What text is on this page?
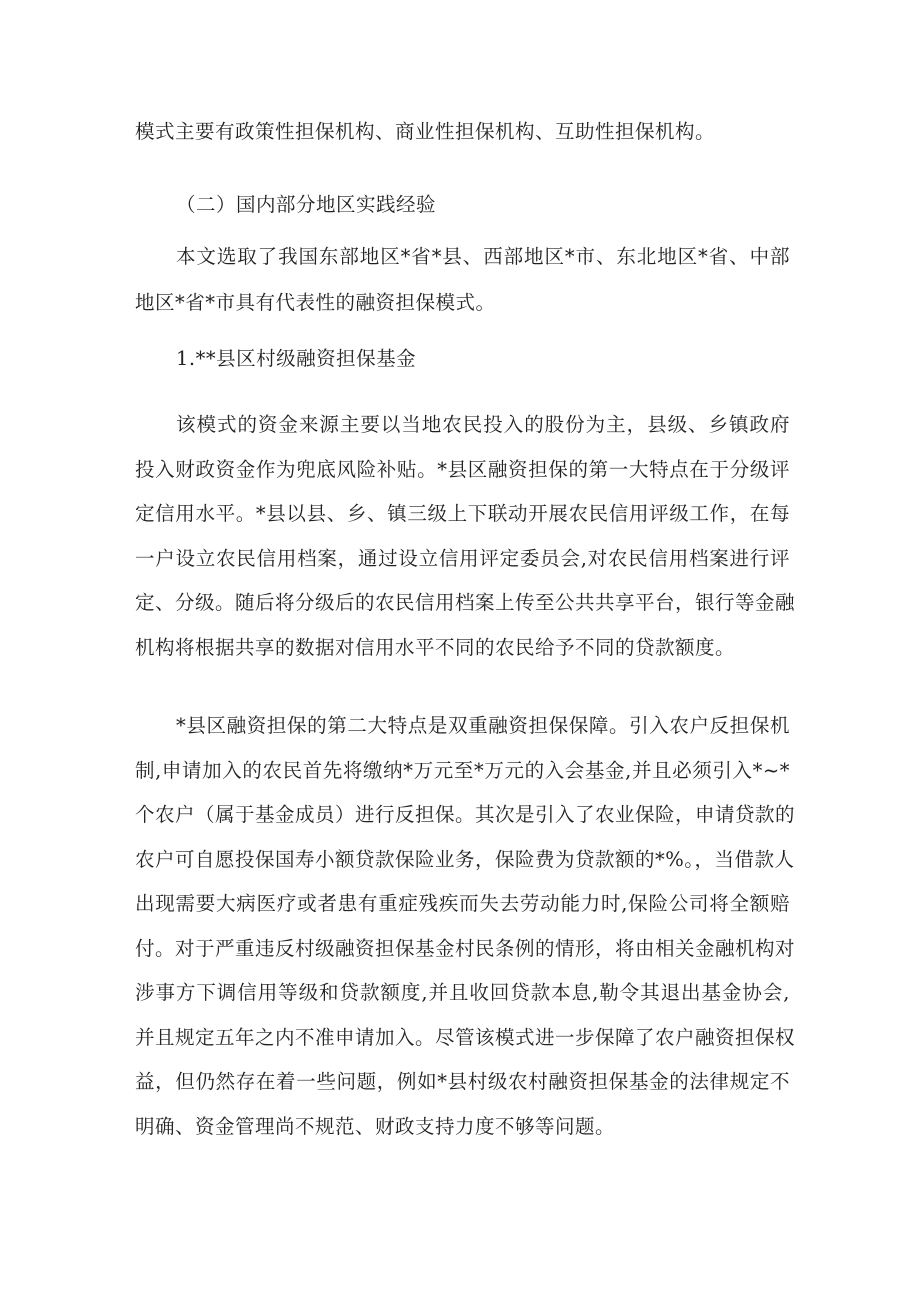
模式主要有政策性担保机构、商业性担保机构、互助性担保机构。
（二）国内部分地区实践经验
本文选取了我国东部地区*省*县、西部地区*市、东北地区*省、中部
地区*省*市具有代表性的融资担保模式。
1.**县区村级融资担保基金
该模式的资金来源主要以当地农民投入的股份为主，县级、乡镇政府
投入财政资金作为兜底风险补贴。*县区融资担保的第一大特点在于分级评
定信用水平。*县以县、乡、镇三级上下联动开展农民信用评级工作，在每
一户设立农民信用档案，通过设立信用评定委员会,对农民信用档案进行评
定、分级。随后将分级后的农民信用档案上传至公共共享平台，银行等金融
机构将根据共享的数据对信用水平不同的农民给予不同的贷款额度。
*县区融资担保的第二大特点是双重融资担保保障。引入农户反担保机
制,申请加入的农民首先将缴纳*万元至*万元的入会基金,并且必须引入*~*
个农户（属于基金成员）进行反担保。其次是引入了农业保险，申请贷款的
农户可自愿投保国寿小额贷款保险业务，保险费为贷款额的*%。，当借款人
出现需要大病医疗或者患有重症残疾而失去劳动能力时,保险公司将全额赔
付。对于严重违反村级融资担保基金村民条例的情形，将由相关金融机构对
涉事方下调信用等级和贷款额度,并且收回贷款本息,勒令其退出基金协会,
并且规定五年之内不准申请加入。尽管该模式进一步保障了农户融资担保权
益，但仍然存在着一些问题，例如*县村级农村融资担保基金的法律规定不
明确、资金管理尚不规范、财政支持力度不够等问题。
